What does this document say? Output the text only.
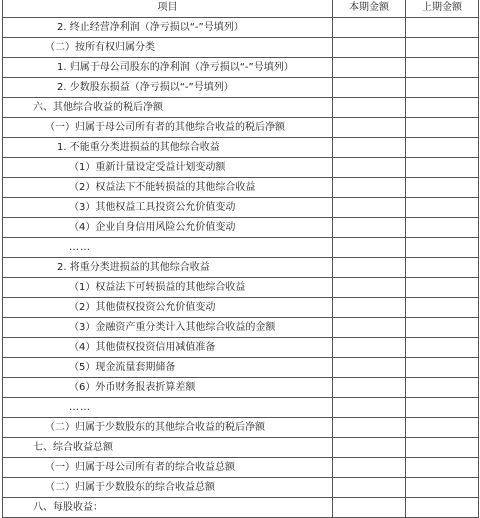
项目	本期金额	上期金额
2. 终止经营净利润（净亏损以“-”号填列）		
（二）按所有权归属分类		
1. 归属于母公司股东的净利润（净亏损以“-”号填列）		
2. 少数股东损益（净亏损以“-”号填列）		
六、其他综合收益的税后净额		
（一）归属于母公司所有者的其他综合收益的税后净额		
1. 不能重分类进损益的其他综合收益		
（1）重新计量设定受益计划变动额		
（2）权益法下不能转损益的其他综合收益		
（3）其他权益工具投资公允价值变动		
（4）企业自身信用风险公允价值变动		
……		
2. 将重分类进损益的其他综合收益		
（1）权益法下可转损益的其他综合收益		
（2）其他债权投资公允价值变动		
（3）金融资产重分类计入其他综合收益的金额		
（4）其他债权投资信用减值准备		
（5）现金流量套期储备		
（6）外币财务报表折算差额		
……		
（二）归属于少数股东的其他综合收益的税后净额		
七、综合收益总额		
（一）归属于母公司所有者的综合收益总额		
（二）归属于少数股东的综合收益总额		
八、每股收益：		
